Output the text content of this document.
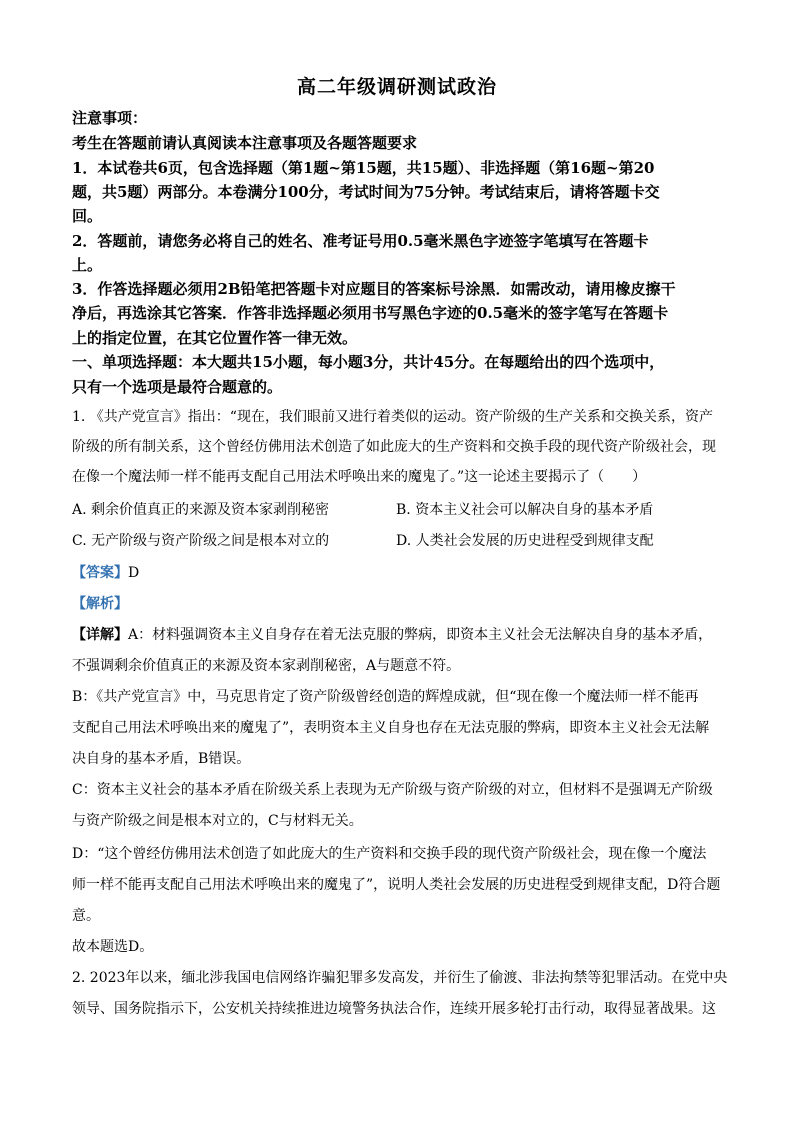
高二年级调研测试政治
注意事项：
考生在答题前请认真阅读本注意事项及各题答题要求
1．本试卷共6页，包含选择题（第1题~第15题，共15题）、非选择题（第16题~第20
题，共5题）两部分。本卷满分100分，考试时间为75分钟。考试结束后，请将答题卡交
回。
2．答题前，请您务必将自己的姓名、准考证号用0.5毫米黑色字迹签字笔填写在答题卡
上。
3．作答选择题必须用2B铅笔把答题卡对应题目的答案标号涂黑．如需改动，请用橡皮擦干
净后，再选涂其它答案．作答非选择题必须用书写黑色字迹的0.5毫米的签字笔写在答题卡
上的指定位置，在其它位置作答一律无效。
一、单项选择题：本大题共15小题，每小题3分，共计45分。在每题给出的四个选项中，
只有一个选项是最符合题意的。
1. 《共产党宣言》指出：“现在，我们眼前又进行着类似的运动。资产阶级的生产关系和交换关系，资产
阶级的所有制关系，这个曾经仿佛用法术创造了如此庞大的生产资料和交换手段的现代资产阶级社会，现
在像一个魔法师一样不能再支配自己用法术呼唤出来的魔鬼了。”这一论述主要揭示了（　　）
A. 剩余价值真正的来源及资本家剥削秘密	B. 资本主义社会可以解决自身的基本矛盾
C. 无产阶级与资产阶级之间是根本对立的	D. 人类社会发展的历史进程受到规律支配
【答案】D
【解析】
【详解】A：材料强调资本主义自身存在着无法克服的弊病，即资本主义社会无法解决自身的基本矛盾，
不强调剩余价值真正的来源及资本家剥削秘密，A与题意不符。
B：《共产党宣言》中，马克思肯定了资产阶级曾经创造的辉煌成就，但“现在像一个魔法师一样不能再
支配自己用法术呼唤出来的魔鬼了”，表明资本主义自身也存在无法克服的弊病，即资本主义社会无法解
决自身的基本矛盾，B错误。
C：资本主义社会的基本矛盾在阶级关系上表现为无产阶级与资产阶级的对立，但材料不是强调无产阶级
与资产阶级之间是根本对立的，C与材料无关。
D：“这个曾经仿佛用法术创造了如此庞大的生产资料和交换手段的现代资产阶级社会，现在像一个魔法
师一样不能再支配自己用法术呼唤出来的魔鬼了”，说明人类社会发展的历史进程受到规律支配，D符合题
意。
故本题选D。
2. 2023年以来，缅北涉我国电信网络诈骗犯罪多发高发，并衍生了偷渡、非法拘禁等犯罪活动。在党中央
领导、国务院指示下，公安机关持续推进边境警务执法合作，连续开展多轮打击行动，取得显著战果。这
